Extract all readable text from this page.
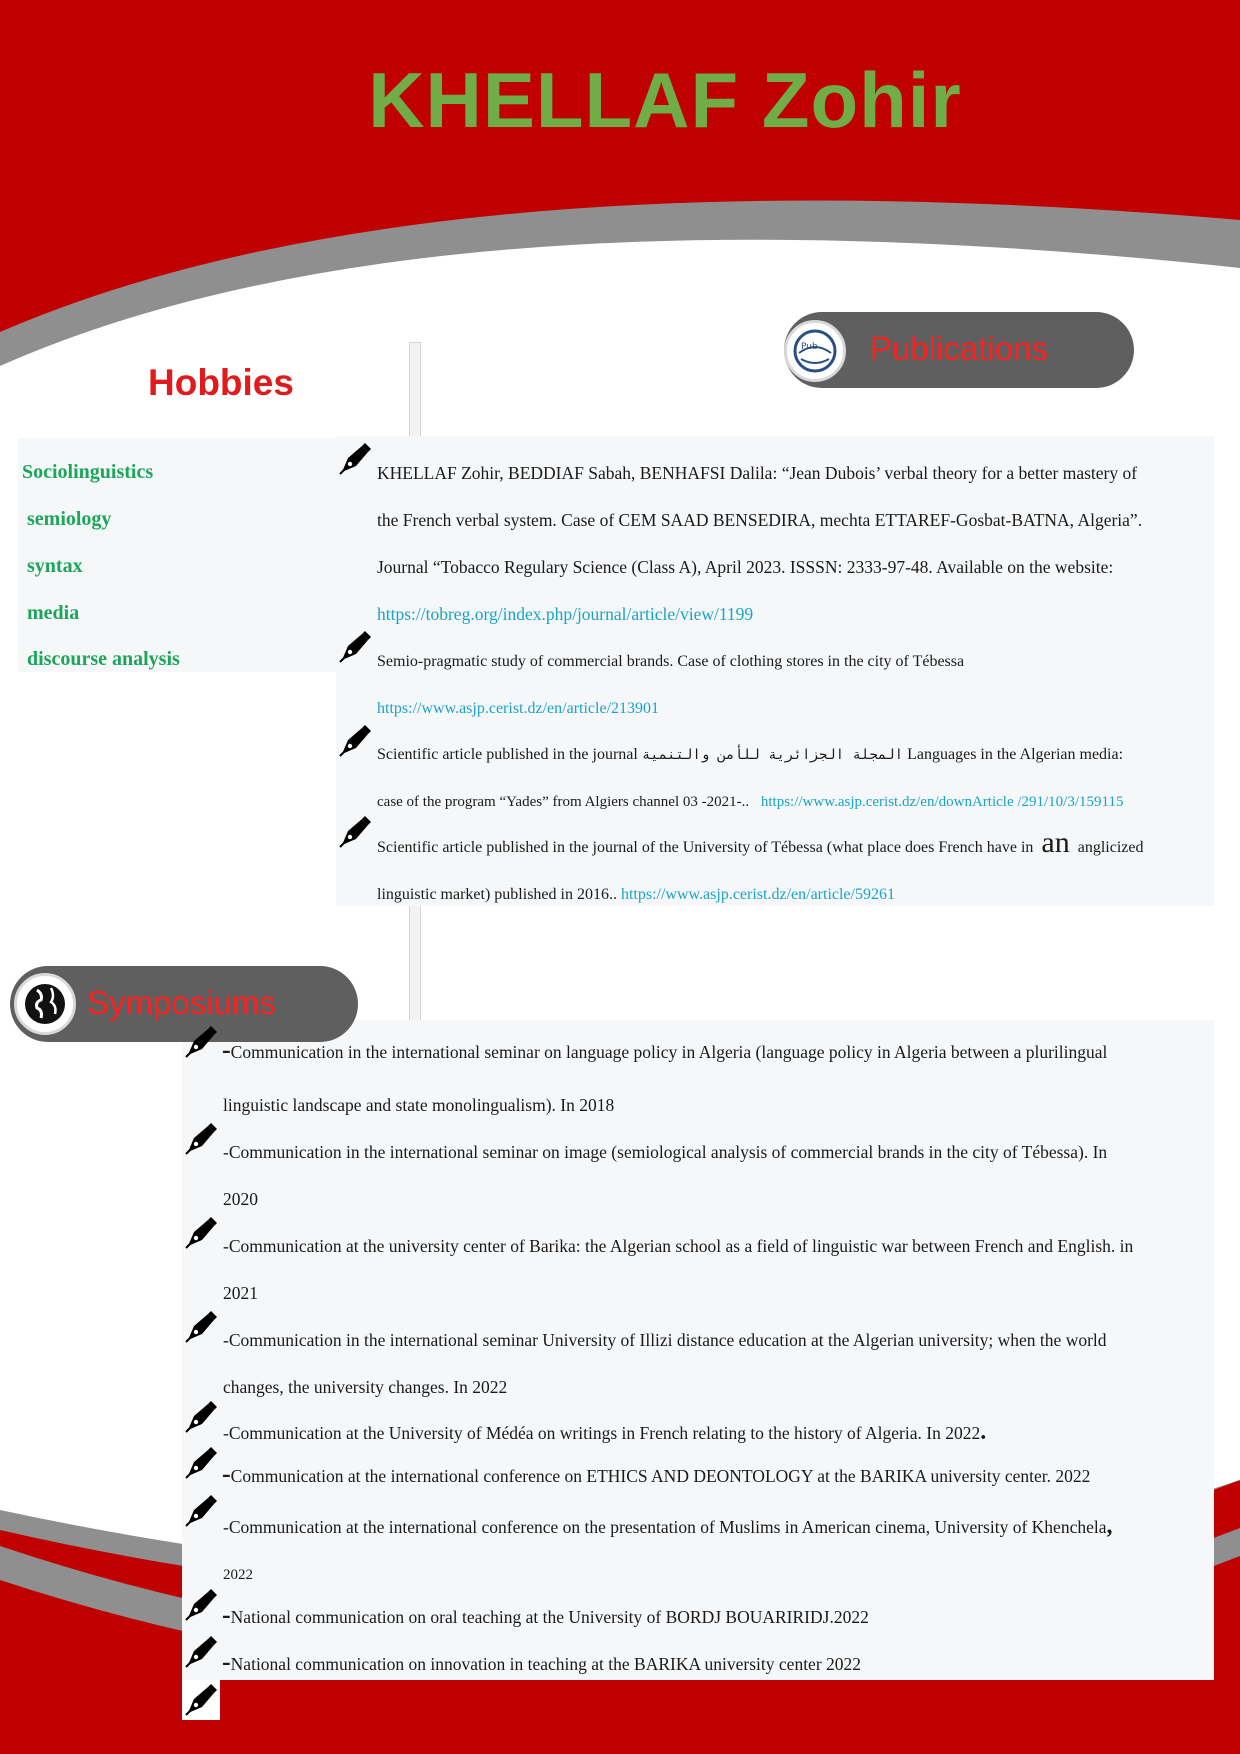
KHELLAF Zohir
Hobbies
Sociolinguistics
semiology
syntax
media
discourse analysis
Pub Publications
KHELLAF Zohir, BEDDIAF Sabah, BENHAFSI Dalila: “Jean Dubois’ verbal theory for a better mastery of
the French verbal system. Case of CEM SAAD BENSEDIRA, mechta ETTAREF-Gosbat-BATNA, Algeria”.
Journal “Tobacco Regulary Science (Class A), April 2023. ISSSN: 2333-97-48. Available on the website:
https://tobreg.org/index.php/journal/article/view/1199
Semio-pragmatic study of commercial brands. Case of clothing stores in the city of Tébessa
https://www.asjp.cerist.dz/en/article/213901
Scientific article published in the journal المجلة الجزائرية للأمن والتنمية Languages in the Algerian media:
case of the program “Yades” from Algiers channel 03 -2021-.. https://www.asjp.cerist.dz/en/downArticle /291/10/3/159115
Scientific article published in the journal of the University of Tébessa (what place does French have in an anglicized
linguistic market) published in 2016.. https://www.asjp.cerist.dz/en/article/59261
Symposiums
-Communication in the international seminar on language policy in Algeria (language policy in Algeria between a plurilingual
linguistic landscape and state monolingualism). In 2018
-Communication in the international seminar on image (semiological analysis of commercial brands in the city of Tébessa). In
2020
-Communication at the university center of Barika: the Algerian school as a field of linguistic war between French and English. in
2021
-Communication in the international seminar University of Illizi distance education at the Algerian university; when the world
changes, the university changes. In 2022
-Communication at the University of Médéa on writings in French relating to the history of Algeria. In 2022.
-Communication at the international conference on ETHICS AND DEONTOLOGY at the BARIKA university center. 2022
-Communication at the international conference on the presentation of Muslims in American cinema, University of Khenchela,
2022
-National communication on oral teaching at the University of BORDJ BOUARIRIDJ.2022
-National communication on innovation in teaching at the BARIKA university center 2022
